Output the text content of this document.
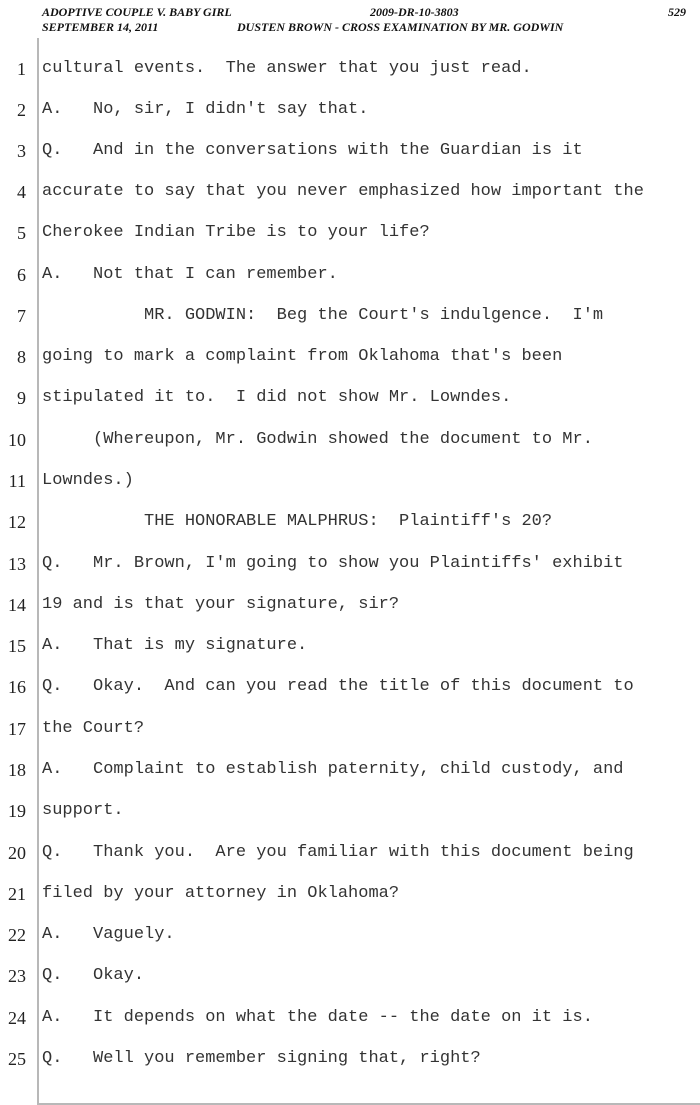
ADOPTIVE COUPLE V. BABY GIRL	2009-DR-10-3803	529
SEPTEMBER 14, 2011	DUSTEN BROWN - CROSS EXAMINATION BY MR. GODWIN
1 cultural events.  The answer that you just read.
2 A.   No, sir, I didn't say that.
3 Q.   And in the conversations with the Guardian is it
4 accurate to say that you never emphasized how important the
5 Cherokee Indian Tribe is to your life?
6 A.   Not that I can remember.
7 MR. GODWIN:  Beg the Court's indulgence.  I'm
8 going to mark a complaint from Oklahoma that's been
9 stipulated it to.  I did not show Mr. Lowndes.
10 (Whereupon, Mr. Godwin showed the document to Mr.
11 Lowndes.)
12 THE HONORABLE MALPHRUS:  Plaintiff's 20?
13 Q.   Mr. Brown, I'm going to show you Plaintiffs' exhibit
14 19 and is that your signature, sir?
15 A.   That is my signature.
16 Q.   Okay.  And can you read the title of this document to
17 the Court?
18 A.   Complaint to establish paternity, child custody, and
19 support.
20 Q.   Thank you.  Are you familiar with this document being
21 filed by your attorney in Oklahoma?
22 A.   Vaguely.
23 Q.   Okay.
24 A.   It depends on what the date -- the date on it is.
25 Q.   Well you remember signing that, right?
